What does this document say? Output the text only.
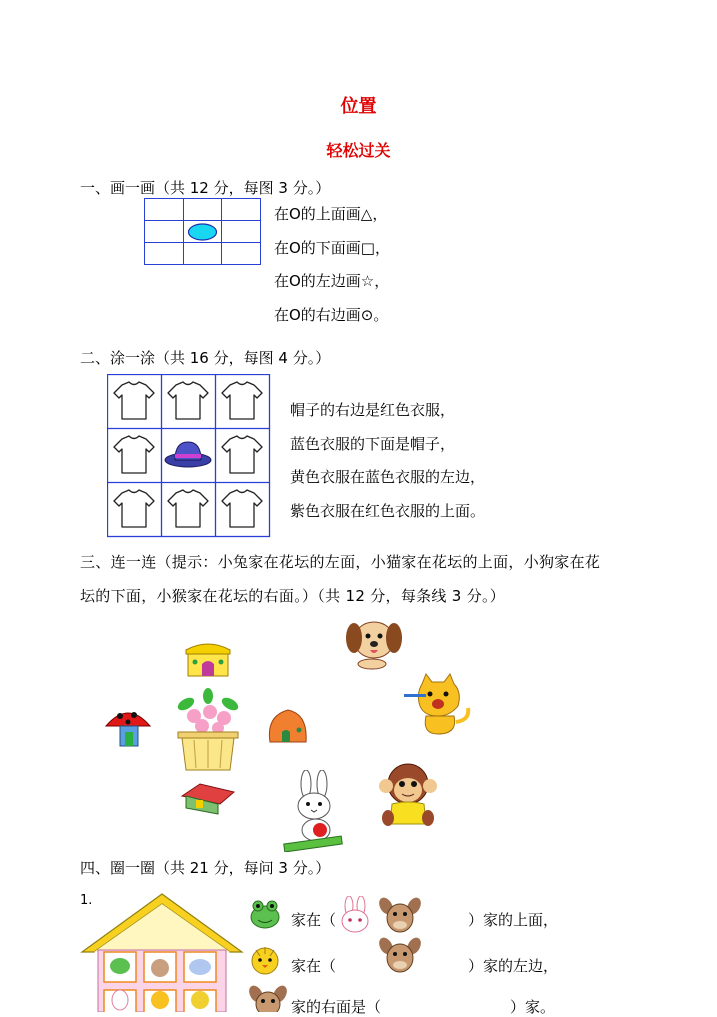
位置
轻松过关
一、画一画（共 12 分，每图 3 分。）

在O的上面画△，
在O的下面画□，
在O的左边画☆，
在O的右边画⊙。
二、涂一涂（共 16 分，每图 4 分。）
帽子的右边是红色衣服，
蓝色衣服的下面是帽子，
黄色衣服在蓝色衣服的左边，
紫色衣服在红色衣服的上面。
三、连一连（提示：小兔家在花坛的左面，小猫家在花坛的上面，小狗家在花
坛的下面，小猴家在花坛的右面。）（共 12 分，每条线 3 分。）
四、圈一圈（共 21 分，每问 3 分。）
1.
家在（	）家的上面，
家在（	）家的左边，
家的右面是（	）家。
